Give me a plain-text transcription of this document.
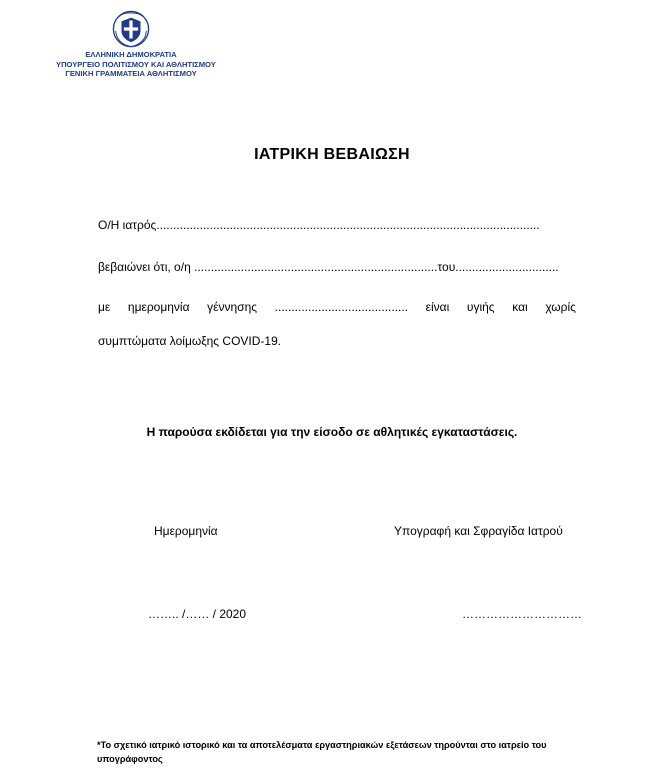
ΕΛΛΗΝΙΚΗ ΔΗΜΟΚΡΑΤΙΑ
ΥΠΟΥΡΓΕΙΟ ΠΟΛΙΤΙΣΜΟΥ ΚΑΙ ΑΘΛΗΤΙΣΜΟΥ
ΓΕΝΙΚΗ ΓΡΑΜΜΑΤΕΙΑ ΑΘΛΗΤΙΣΜΟΥ
ΙΑΤΡΙΚΗ ΒΕΒΑΙΩΣΗ
Ο/Η ιατρός...................................................................................................................
βεβαιώνει ότι, ο/η .........................................................................του...............................
με ημερομηνία γέννησης ........................................ είναι υγιής και χωρίς
συμπτώματα λοίμωξης COVID-19.
Η παρούσα εκδίδεται για την είσοδο σε αθλητικές εγκαταστάσεις.
Ημερομηνία	Υπογραφή και Σφραγίδα Ιατρού
…….. /…… / 2020	…………………………
*Το σχετικό ιατρικό ιστορικό και τα αποτελέσματα εργαστηριακών εξετάσεων τηρούνται στο ιατρείο του υπογράφοντος
